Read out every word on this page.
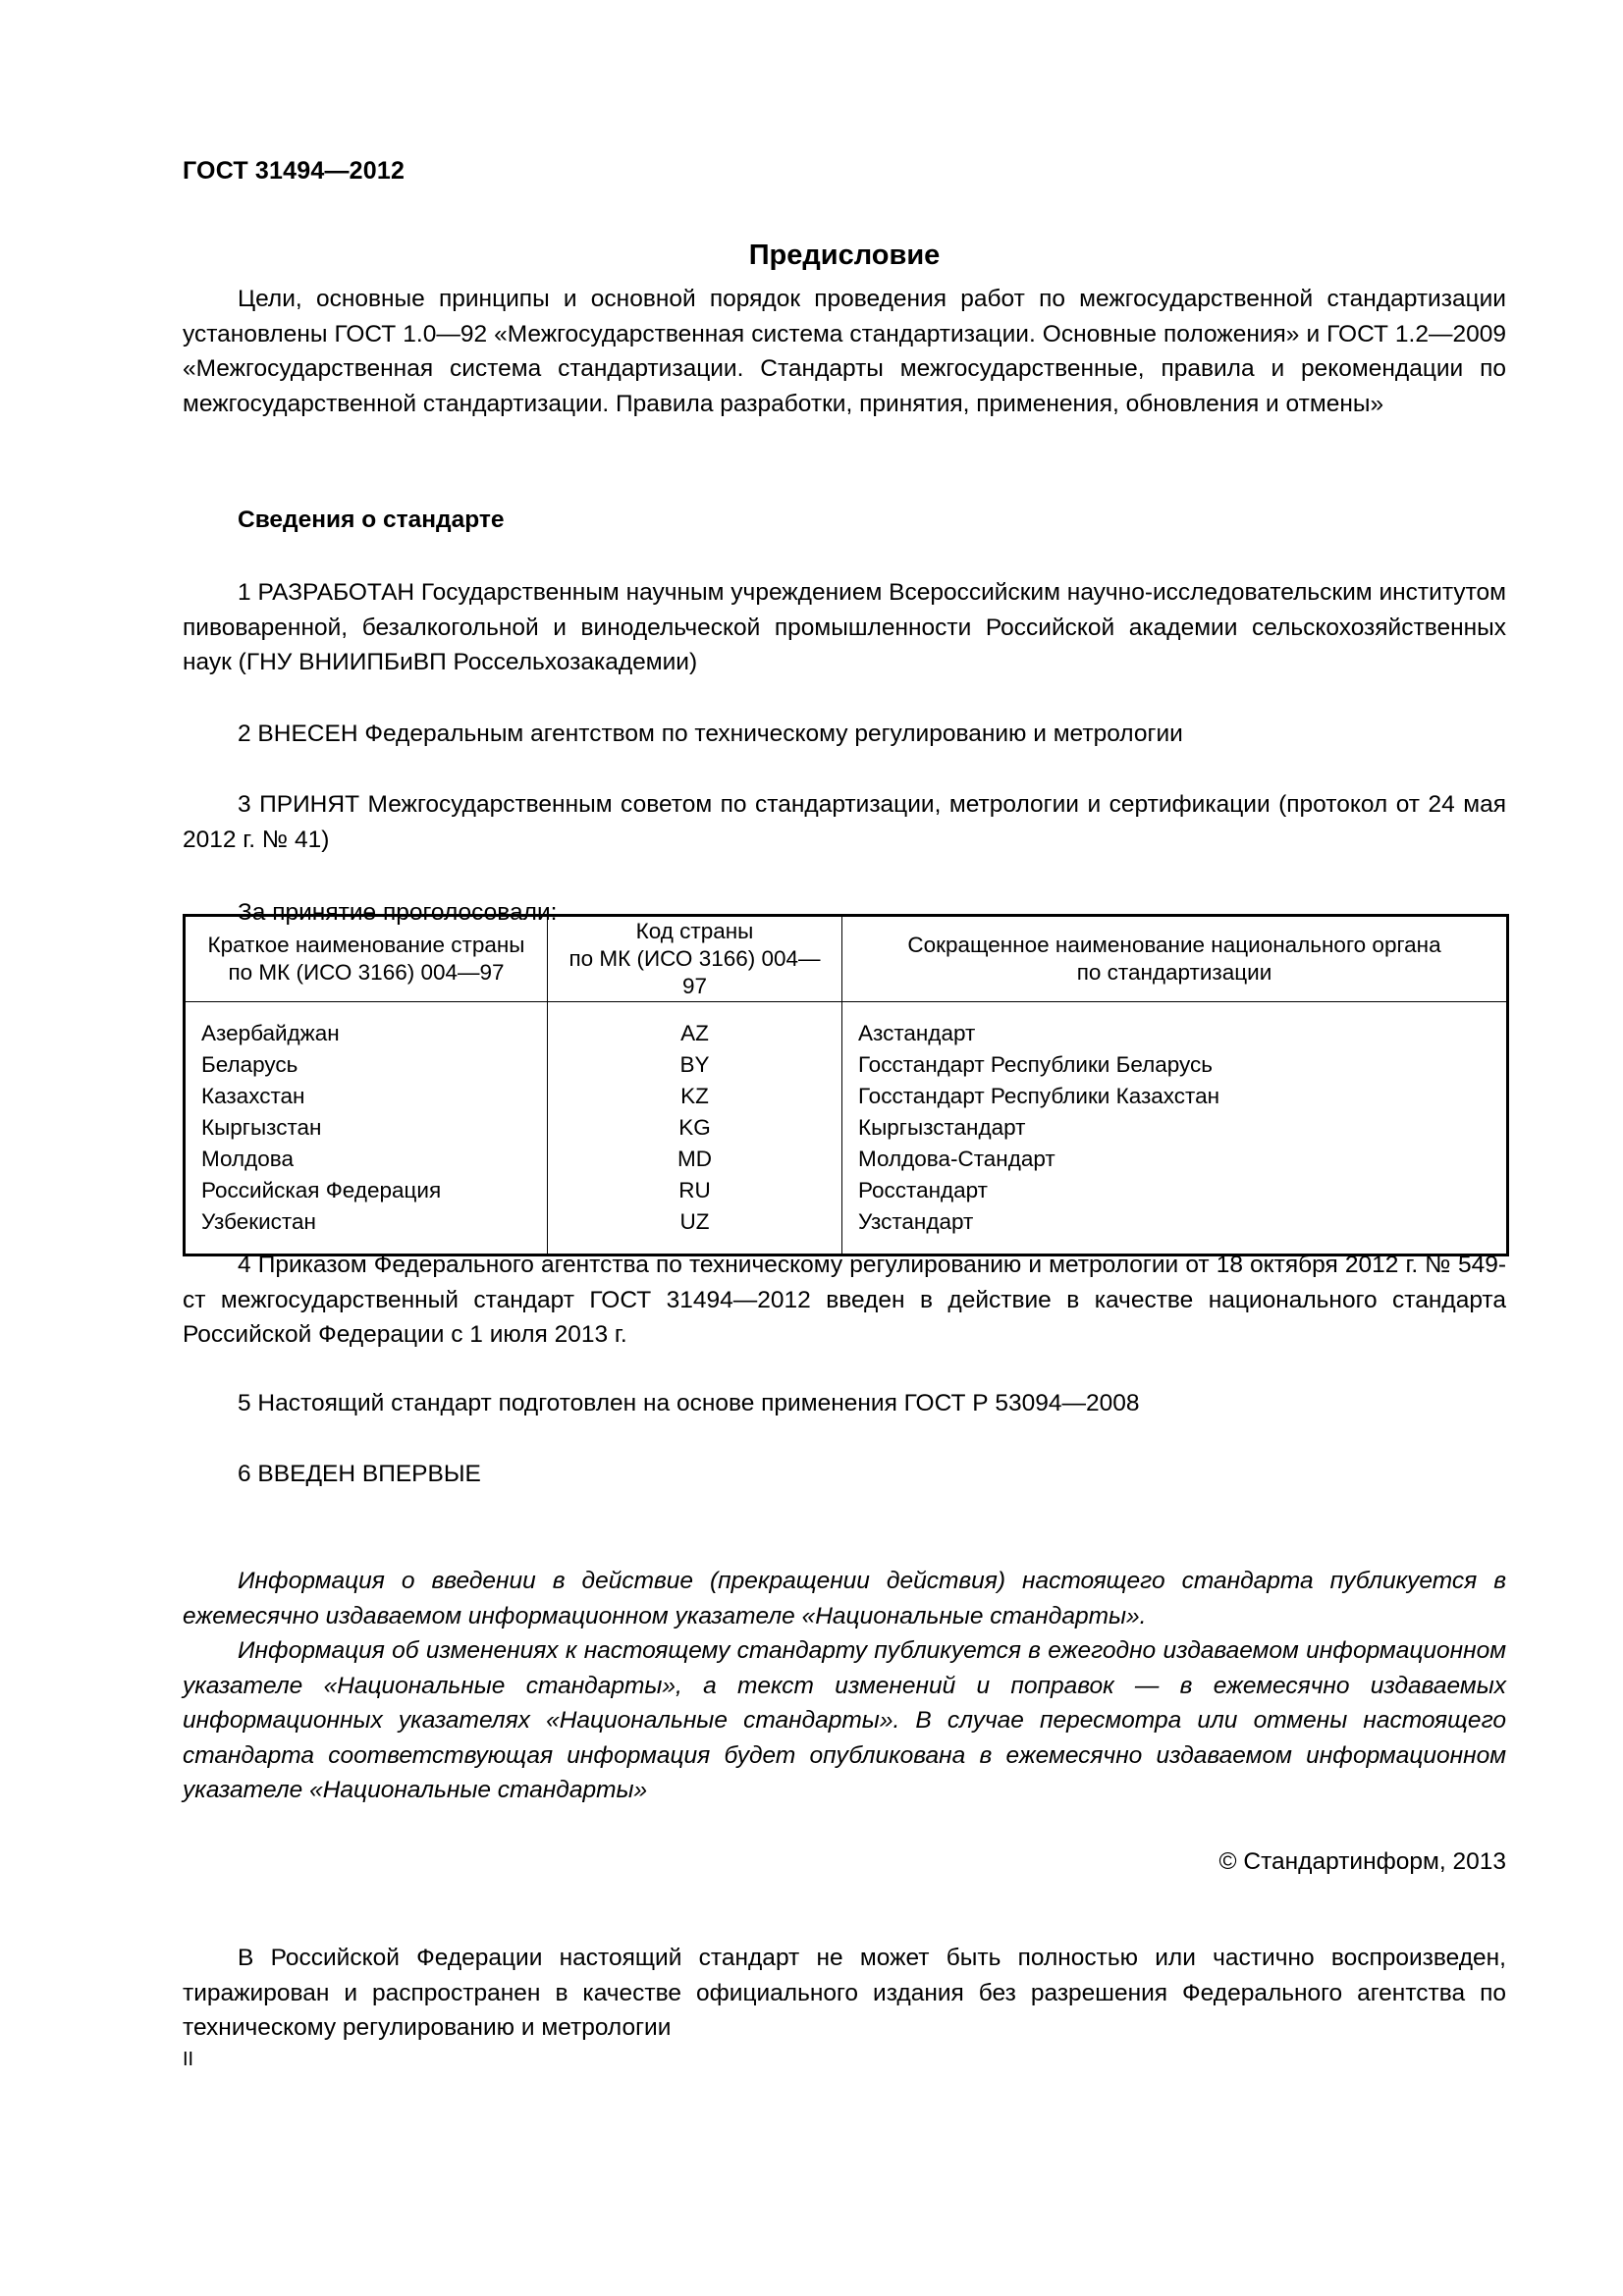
ГОСТ 31494—2012
Предисловие
Цели, основные принципы и основной порядок проведения работ по межгосударственной стандартизации установлены ГОСТ 1.0—92 «Межгосударственная система стандартизации. Основные положения» и ГОСТ 1.2—2009 «Межгосударственная система стандартизации. Стандарты межгосударственные, правила и рекомендации по межгосударственной стандартизации. Правила разработки, принятия, применения, обновления и отмены»
Сведения о стандарте
1 РАЗРАБОТАН Государственным научным учреждением Всероссийским научно-исследовательским институтом пивоваренной, безалкогольной и винодельческой промышленности Российской академии сельскохозяйственных наук (ГНУ ВНИИПБиВП Россельхозакадемии)
2 ВНЕСЕН Федеральным агентством по техническому регулированию и метрологии
3 ПРИНЯТ Межгосударственным советом по стандартизации, метрологии и сертификации (протокол от 24 мая 2012 г. № 41)
За принятие проголосовали:
Краткое наименование страны
по МК (ИСО 3166) 004—97

Код страны
по МК (ИСО 3166) 004—97

Сокращенное наименование национального органа
по стандартизации

Азербайджан	AZ	Азстандарт
Беларусь	BY	Госстандарт Республики Беларусь
Казахстан	KZ	Госстандарт Республики Казахстан
Кыргызстан	KG	Кыргызстандарт
Молдова	MD	Молдова-Стандарт
Российская Федерация	RU	Росстандарт
Узбекистан	UZ	Узстандарт
4 Приказом Федерального агентства по техническому регулированию и метрологии от 18 октября 2012 г. № 549-ст межгосударственный стандарт ГОСТ 31494—2012 введен в действие в качестве национального стандарта Российской Федерации с 1 июля 2013 г.
5 Настоящий стандарт подготовлен на основе применения ГОСТ Р 53094—2008
6 ВВЕДЕН ВПЕРВЫЕ
Информация о введении в действие (прекращении действия) настоящего стандарта публикуется в ежемесячно издаваемом информационном указателе «Национальные стандарты».
Информация об изменениях к настоящему стандарту публикуется в ежегодно издаваемом информационном указателе «Национальные стандарты», а текст изменений и поправок — в ежемесячно издаваемых информационных указателях «Национальные стандарты». В случае пересмотра или отмены настоящего стандарта соответствующая информация будет опубликована в ежемесячно издаваемом информационном указателе «Национальные стандарты»
© Стандартинформ, 2013
В Российской Федерации настоящий стандарт не может быть полностью или частично воспроизведен, тиражирован и распространен в качестве официального издания без разрешения Федерального агентства по техническому регулированию и метрологии
II
